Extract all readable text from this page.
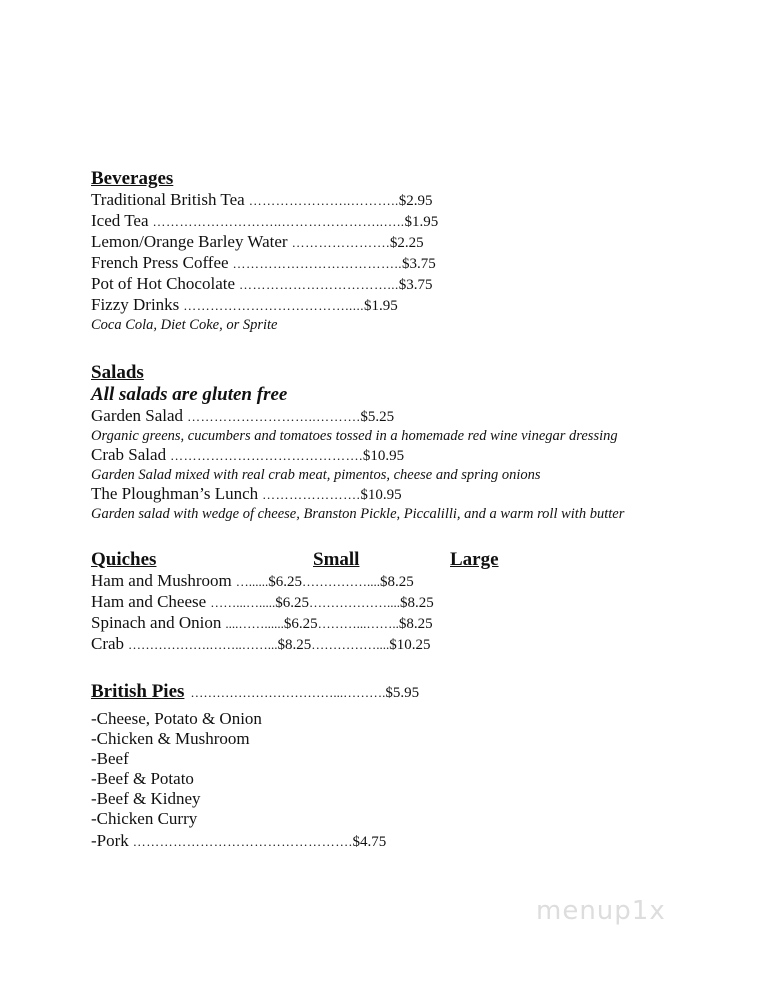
Beverages
Traditional British Tea …………………..……….. $2.95
Iced Tea ………………………..…………………..….. $1.95
Lemon/Orange Barley Water …………………. $2.25
French Press Coffee ……………………………….. $3.75
Pot of Hot Chocolate ……………………………... $3.75
Fizzy Drinks ………………………………..... $1.95

Coca Cola, Diet Coke, or Sprite

Salads
All salads are gluten free
Garden Salad ………………………..………. $5.25

Organic greens, cucumbers and tomatoes tossed in a homemade red wine vinegar dressing

Crab Salad ……………………………………. $10.95

Garden Salad mixed with real crab meat, pimentos, cheese and spring onions

The Ploughman’s Lunch …………………. $10.95

Garden salad with wedge of cheese, Branston Pickle, Piccalilli, and a warm roll with butter

Quiches	Small	Large
Ham and Mushroom …...... $6.25 …………….... $8.25
Ham and Cheese ……...…..... $6.25 ……………….... $8.25
Spinach and Onion ....……...... $6.25 ………...…….. $8.25
Crab ……………….……..……... $8.25 …………….... $10.25
British Pies ……………………………...………. $5.95

-Cheese, Potato & Onion

-Chicken & Mushroom

-Beef

-Beef & Potato

-Beef & Kidney

-Chicken Curry

-Pork …………………………………………. $4.75
menup1x
